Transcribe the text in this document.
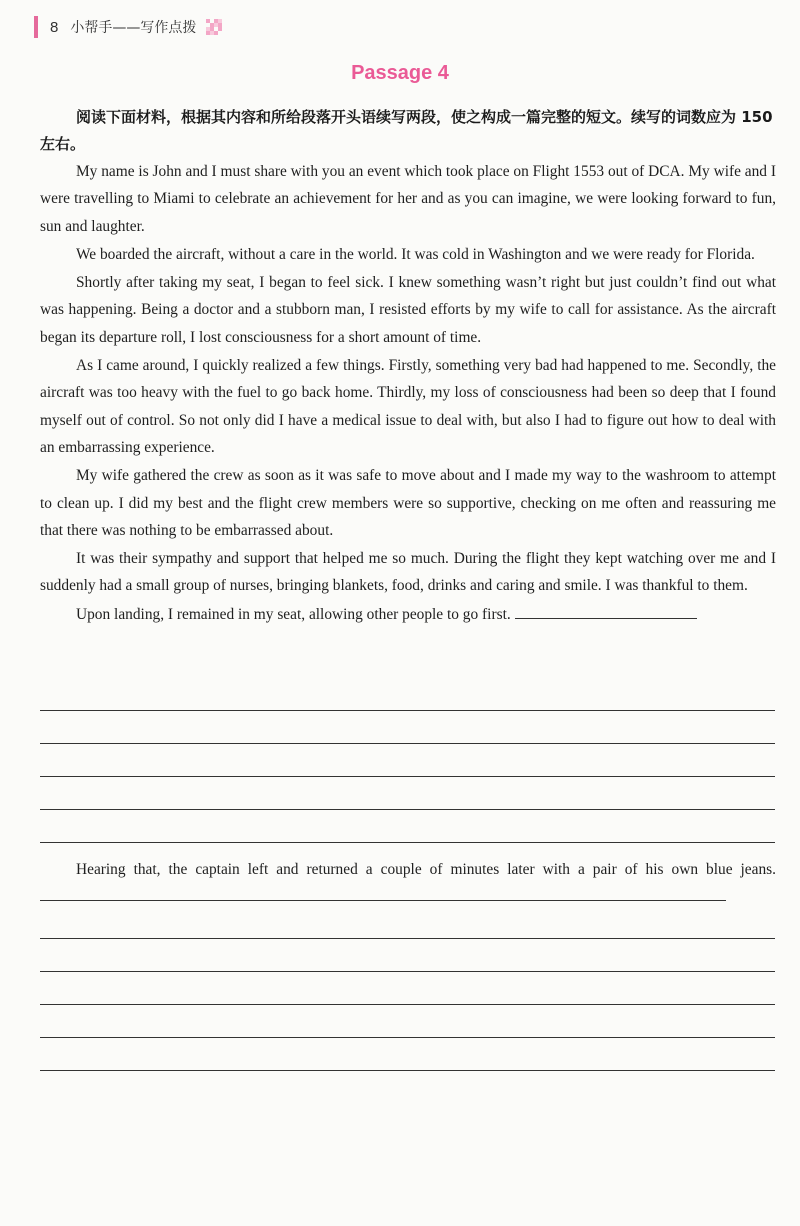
8 小帮手——写作点拨
Passage 4
阅读下面材料，根据其内容和所给段落开头语续写两段，使之构成一篇完整的短文。续写的词数应为 150 左右。

My name is John and I must share with you an event which took place on Flight 1553 out of DCA. My wife and I were travelling to Miami to celebrate an achievement for her and as you can imagine, we were looking forward to fun, sun and laughter.

We boarded the aircraft, without a care in the world. It was cold in Washington and we were ready for Florida.

Shortly after taking my seat, I began to feel sick. I knew something wasn’t right but just couldn’t find out what was happening. Being a doctor and a stubborn man, I resisted efforts by my wife to call for assistance. As the aircraft began its departure roll, I lost consciousness for a short amount of time.

As I came around, I quickly realized a few things. Firstly, something very bad had happened to me. Secondly, the aircraft was too heavy with the fuel to go back home. Thirdly, my loss of consciousness had been so deep that I found myself out of control. So not only did I have a medical issue to deal with, but also I had to figure out how to deal with an embarrassing experience.

My wife gathered the crew as soon as it was safe to move about and I made my way to the washroom to attempt to clean up. I did my best and the flight crew members were so supportive, checking on me often and reassuring me that there was nothing to be embarrassed about.

It was their sympathy and support that helped me so much. During the flight they kept watching over me and I suddenly had a small group of nurses, bringing blankets, food, drinks and caring and smile. I was thankful to them.

Upon landing, I remained in my seat, allowing other people to go first.

Hearing that, the captain left and returned a couple of minutes later with a pair of his own blue jeans.
